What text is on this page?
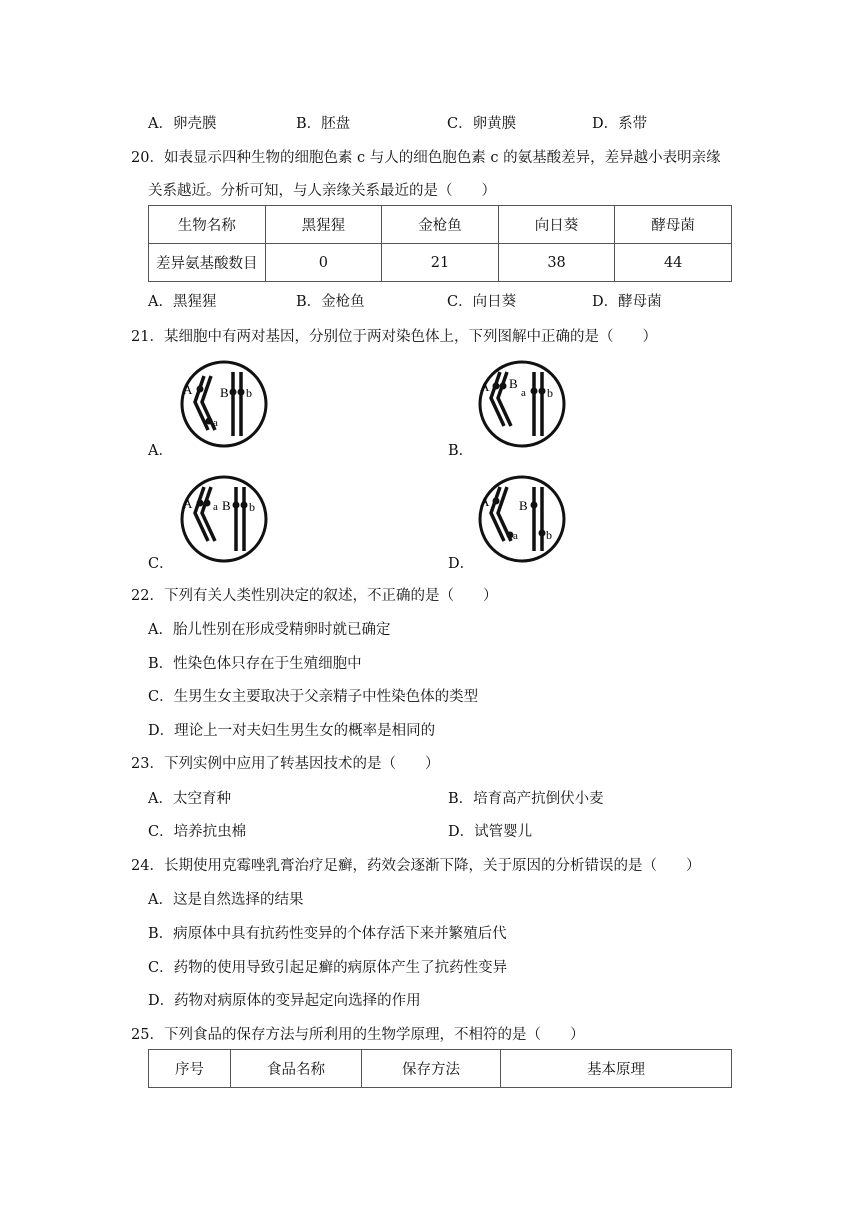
A．卵壳膜	B．胚盘	C．卵黄膜	D．系带
20．如表显示四种生物的细胞色素 c 与人的细色胞色素 c 的氨基酸差异，差异越小表明亲缘
关系越近。分析可知，与人亲缘关系最近的是（　　）
生物名称	黑猩猩	金枪鱼	向日葵	酵母菌
差异氨基酸数目	0	21	38	44
A．黑猩猩	B．金枪鱼	C．向日葵	D．酵母菌
21．某细胞中有两对基因，分别位于两对染色体上，下列图解中正确的是（　　）
A．
A
a
B b
B．
A B
a b
C．
A a B b
D．
A
a
B
b
22．下列有关人类性别决定的叙述，不正确的是（　　）
A．胎儿性别在形成受精卵时就已确定
B．性染色体只存在于生殖细胞中
C．生男生女主要取决于父亲精子中性染色体的类型
D．理论上一对夫妇生男生女的概率是相同的
23．下列实例中应用了转基因技术的是（　　）
A．太空育种	B．培育高产抗倒伏小麦
C．培养抗虫棉	D．试管婴儿
24．长期使用克霉唑乳膏治疗足癣，药效会逐渐下降，关于原因的分析错误的是（　　）
A．这是自然选择的结果
B．病原体中具有抗药性变异的个体存活下来并繁殖后代
C．药物的使用导致引起足癣的病原体产生了抗药性变异
D．药物对病原体的变异起定向选择的作用
25．下列食品的保存方法与所利用的生物学原理，不相符的是（　　）
序号	食品名称	保存方法	基本原理
